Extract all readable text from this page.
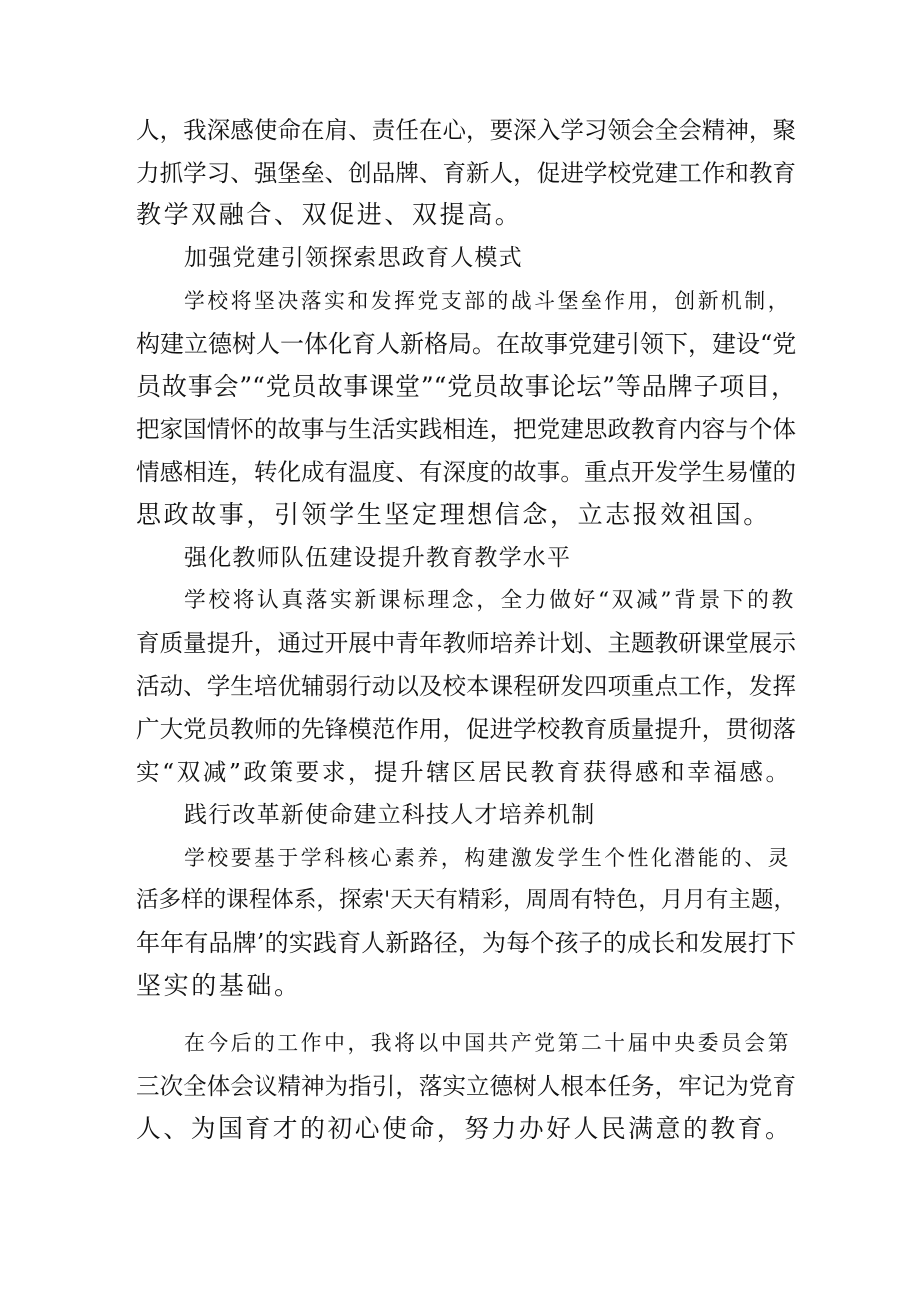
人，我深感使命在肩、责任在心，要深入学习领会全会精神，聚

力抓学习、强堡垒、创品牌、育新人，促进学校党建工作和教育

教学双融合、双促进、双提高。

加强党建引领探索思政育人模式

学校将坚决落实和发挥党支部的战斗堡垒作用，创新机制，

构建立德树人一体化育人新格局。在故事党建引领下，建设“党

员故事会”“党员故事课堂”“党员故事论坛”等品牌子项目，

把家国情怀的故事与生活实践相连，把党建思政教育内容与个体

情感相连，转化成有温度、有深度的故事。重点开发学生易懂的

思政故事，引领学生坚定理想信念，立志报效祖国。

强化教师队伍建设提升教育教学水平

学校将认真落实新课标理念，全力做好“双减”背景下的教

育质量提升，通过开展中青年教师培养计划、主题教研课堂展示

活动、学生培优辅弱行动以及校本课程研发四项重点工作，发挥

广大党员教师的先锋模范作用，促进学校教育质量提升，贯彻落

实“双减”政策要求，提升辖区居民教育获得感和幸福感。

践行改革新使命建立科技人才培养机制

学校要基于学科核心素养，构建激发学生个性化潜能的、灵

活多样的课程体系，探索'天天有精彩，周周有特色，月月有主题，

年年有品牌’的实践育人新路径，为每个孩子的成长和发展打下

坚实的基础。

在今后的工作中，我将以中国共产党第二十届中央委员会第

三次全体会议精神为指引，落实立德树人根本任务，牢记为党育

人、为国育才的初心使命，努力办好人民满意的教育。
